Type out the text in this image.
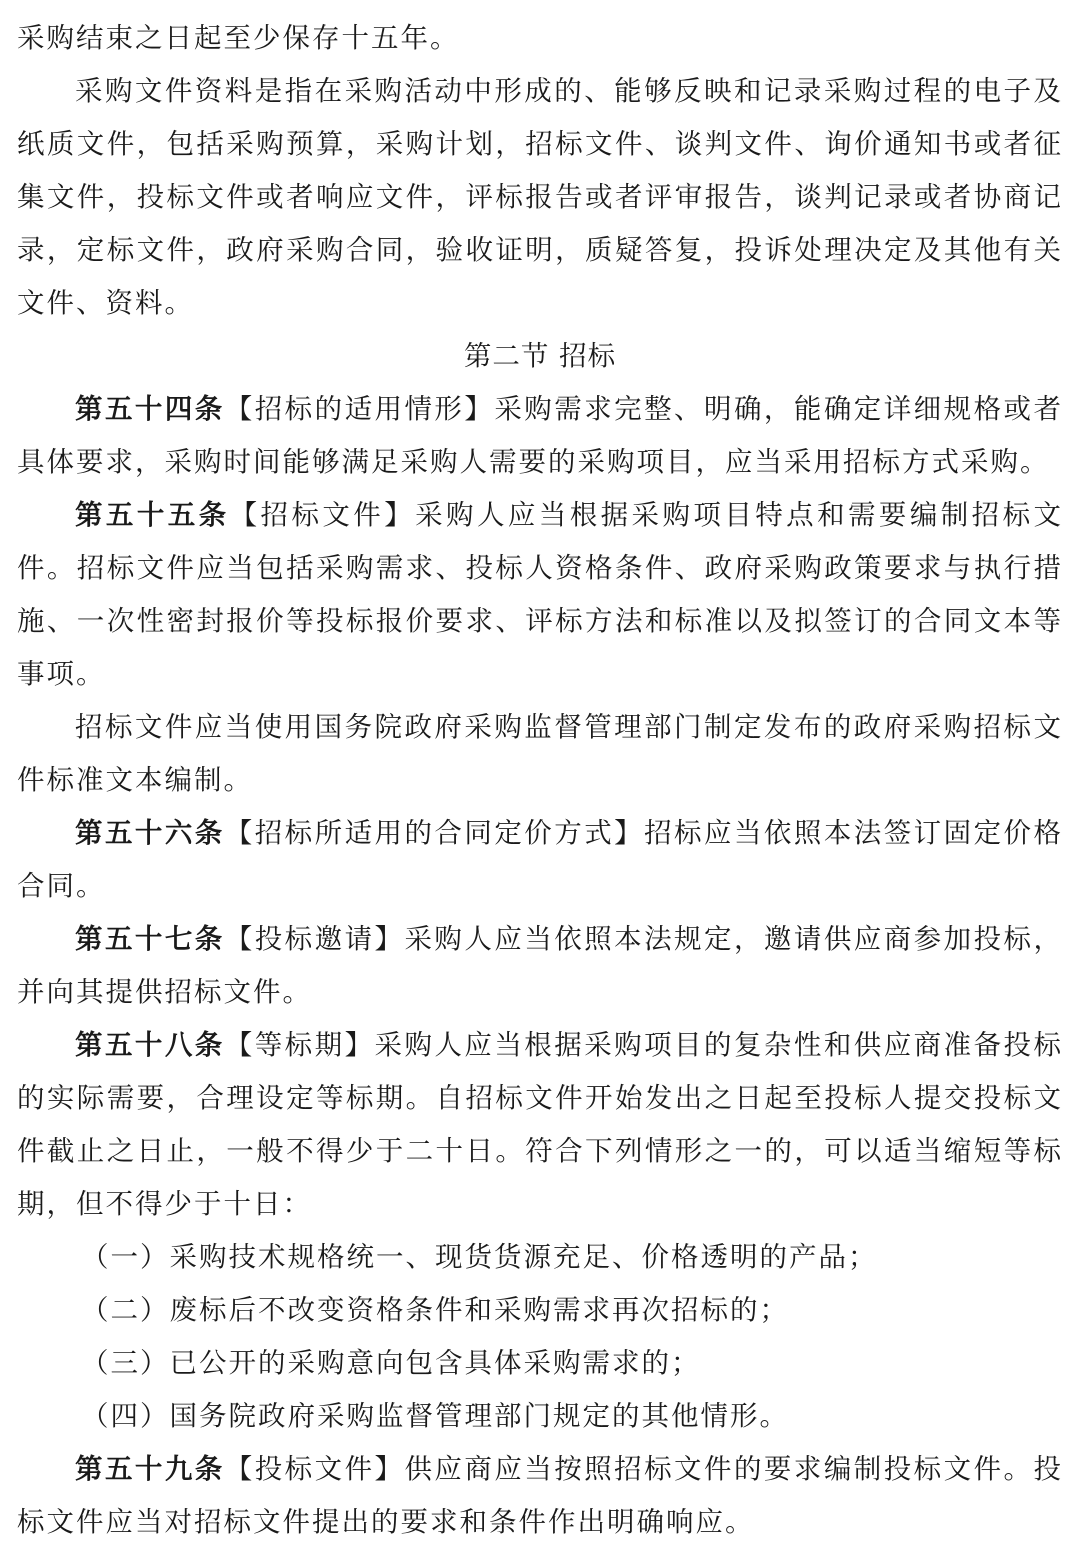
采购结束之日起至少保存十五年。

采购文件资料是指在采购活动中形成的、能够反映和记录采购过程的电子及纸质文件，包括采购预算，采购计划，招标文件、谈判文件、询价通知书或者征集文件，投标文件或者响应文件，评标报告或者评审报告，谈判记录或者协商记录，定标文件，政府采购合同，验收证明，质疑答复，投诉处理决定及其他有关文件、资料。

第二节 招标

第五十四条【招标的适用情形】采购需求完整、明确，能确定详细规格或者具体要求，采购时间能够满足采购人需要的采购项目，应当采用招标方式采购。

第五十五条【招标文件】采购人应当根据采购项目特点和需要编制招标文件。招标文件应当包括采购需求、投标人资格条件、政府采购政策要求与执行措施、一次性密封报价等投标报价要求、评标方法和标准以及拟签订的合同文本等事项。

招标文件应当使用国务院政府采购监督管理部门制定发布的政府采购招标文件标准文本编制。

第五十六条【招标所适用的合同定价方式】招标应当依照本法签订固定价格合同。

第五十七条【投标邀请】采购人应当依照本法规定，邀请供应商参加投标，并向其提供招标文件。

第五十八条【等标期】采购人应当根据采购项目的复杂性和供应商准备投标的实际需要，合理设定等标期。自招标文件开始发出之日起至投标人提交投标文件截止之日止，一般不得少于二十日。符合下列情形之一的，可以适当缩短等标期，但不得少于十日：

（一）采购技术规格统一、现货货源充足、价格透明的产品；

（二）废标后不改变资格条件和采购需求再次招标的；

（三）已公开的采购意向包含具体采购需求的；

（四）国务院政府采购监督管理部门规定的其他情形。

第五十九条【投标文件】供应商应当按照招标文件的要求编制投标文件。投标文件应当对招标文件提出的要求和条件作出明确响应。
